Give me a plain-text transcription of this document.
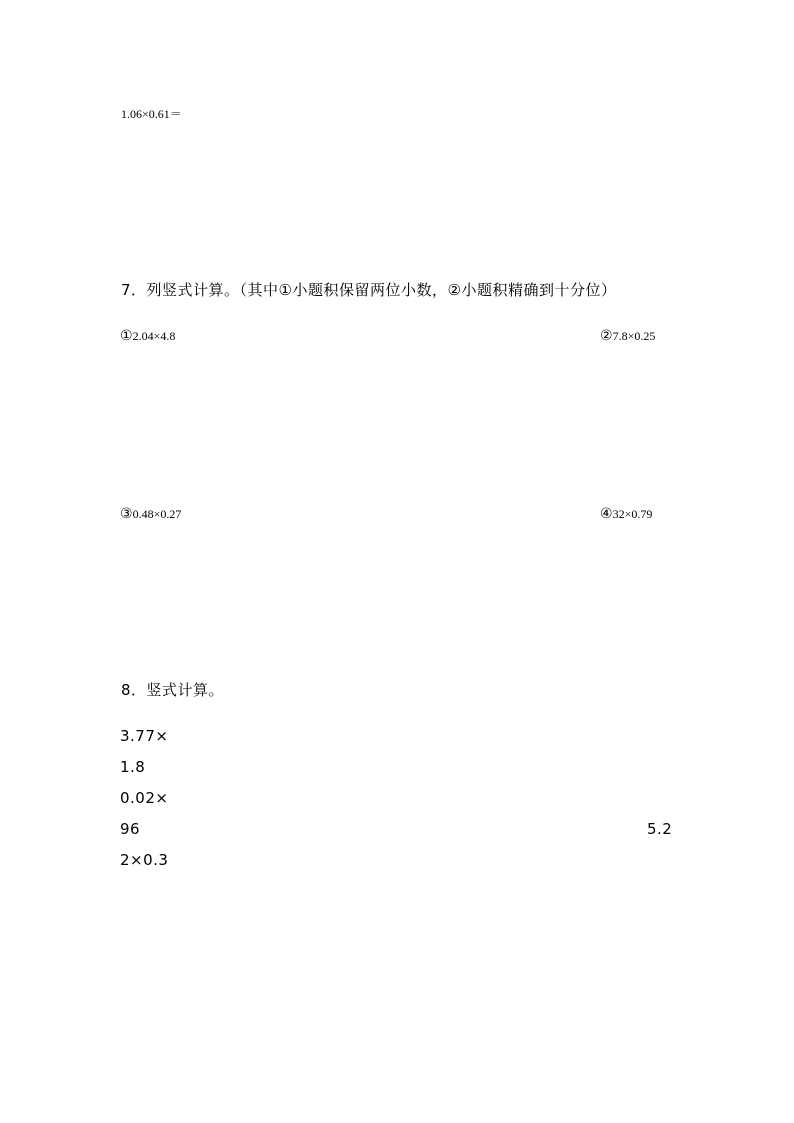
1.06×0.61＝
7．列竖式计算。（其中①小题积保留两位小数，②小题积精确到十分位）
①2.04×4.8	②7.8×0.25
③0.48×0.27	④32×0.79
8．竖式计算。
3.77×
1.8
0.02×
96	5.2
2×0.3
